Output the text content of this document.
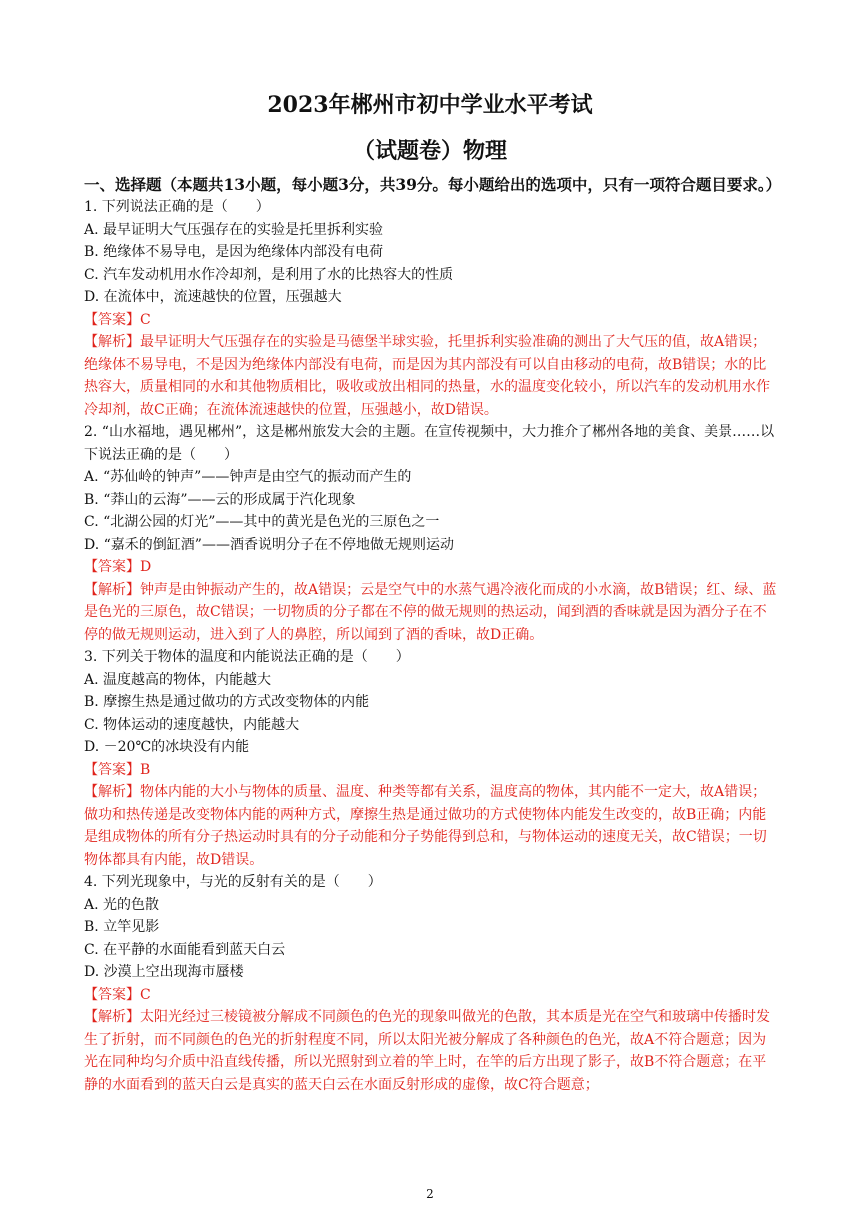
2023年郴州市初中学业水平考试
（试题卷）物理

一、选择题（本题共13小题，每小题3分，共39分。每小题给出的选项中，只有一项符合题目要求。）

1. 下列说法正确的是（　　）

A. 最早证明大气压强存在的实验是托里拆利实验

B. 绝缘体不易导电，是因为绝缘体内部没有电荷

C. 汽车发动机用水作冷却剂，是利用了水的比热容大的性质

D. 在流体中，流速越快的位置，压强越大

【答案】C

【解析】最早证明大气压强存在的实验是马德堡半球实验，托里拆利实验准确的测出了大气压的值，故A错误；绝缘体不易导电，不是因为绝缘体内部没有电荷，而是因为其内部没有可以自由移动的电荷，故B错误；水的比热容大，质量相同的水和其他物质相比，吸收或放出相同的热量，水的温度变化较小，所以汽车的发动机用水作冷却剂，故C正确；在流体流速越快的位置，压强越小，故D错误。

2. “山水福地，遇见郴州”，这是郴州旅发大会的主题。在宣传视频中，大力推介了郴州各地的美食、美景……以下说法正确的是（　　）

A. “苏仙岭的钟声”——钟声是由空气的振动而产生的

B. “莽山的云海”——云的形成属于汽化现象

C. “北湖公园的灯光”——其中的黄光是色光的三原色之一

D. “嘉禾的倒缸酒”——酒香说明分子在不停地做无规则运动

【答案】D

【解析】钟声是由钟振动产生的，故A错误；云是空气中的水蒸气遇冷液化而成的小水滴，故B错误；红、绿、蓝是色光的三原色，故C错误；一切物质的分子都在不停的做无规则的热运动，闻到酒的香味就是因为酒分子在不停的做无规则运动，进入到了人的鼻腔，所以闻到了酒的香味，故D正确。

3. 下列关于物体的温度和内能说法正确的是（　　）

A. 温度越高的物体，内能越大

B. 摩擦生热是通过做功的方式改变物体的内能

C. 物体运动的速度越快，内能越大

D. －20℃的冰块没有内能

【答案】B

【解析】物体内能的大小与物体的质量、温度、种类等都有关系，温度高的物体，其内能不一定大，故A错误；做功和热传递是改变物体内能的两种方式，摩擦生热是通过做功的方式使物体内能发生改变的，故B正确；内能是组成物体的所有分子热运动时具有的分子动能和分子势能得到总和，与物体运动的速度无关，故C错误；一切物体都具有内能，故D错误。

4. 下列光现象中，与光的反射有关的是（　　）

A. 光的色散

B. 立竿见影

C. 在平静的水面能看到蓝天白云

D. 沙漠上空出现海市蜃楼

【答案】C

【解析】太阳光经过三棱镜被分解成不同颜色的色光的现象叫做光的色散，其本质是光在空气和玻璃中传播时发生了折射，而不同颜色的色光的折射程度不同，所以太阳光被分解成了各种颜色的色光，故A不符合题意；因为光在同种均匀介质中沿直线传播，所以光照射到立着的竿上时，在竿的后方出现了影子，故B不符合题意；在平静的水面看到的蓝天白云是真实的蓝天白云在水面反射形成的虚像，故C符合题意；

2
